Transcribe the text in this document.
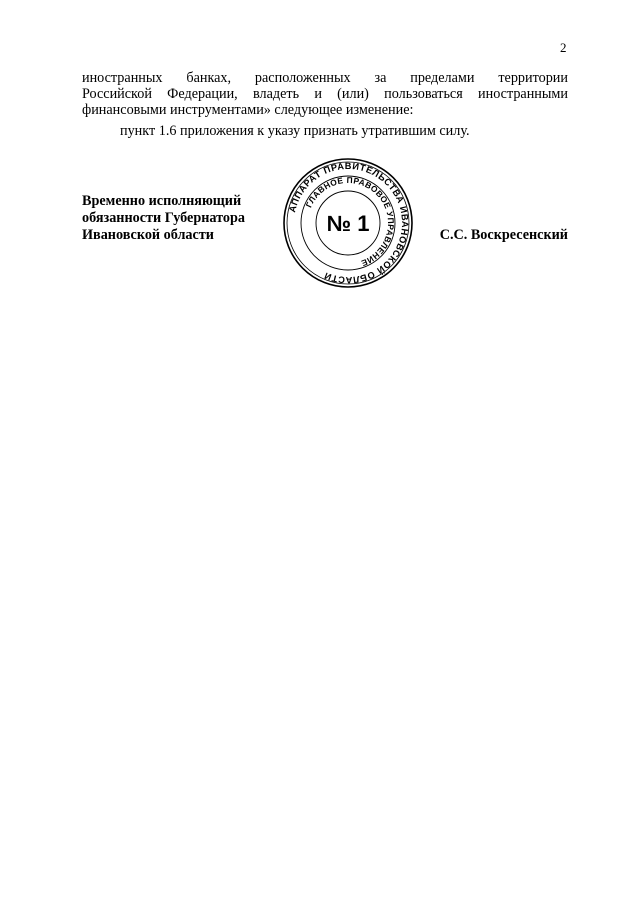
2

иностранных банках, расположенных за пределами территории
Российской Федерации, владеть и (или) пользоваться иностранными
финансовыми инструментами» следующее изменение:

пункт 1.6 приложения к указу признать утратившим силу.

Временно исполняющий
обязанности Губернатора
Ивановской области
АППАРАТ ПРАВИТЕЛЬСТВА ИВАНОВСКОЙ ОБЛАСТИ
ГЛАВНОЕ ПРАВОВОЕ УПРАВЛЕНИЕ
№ 1	С.С. Воскресенский
